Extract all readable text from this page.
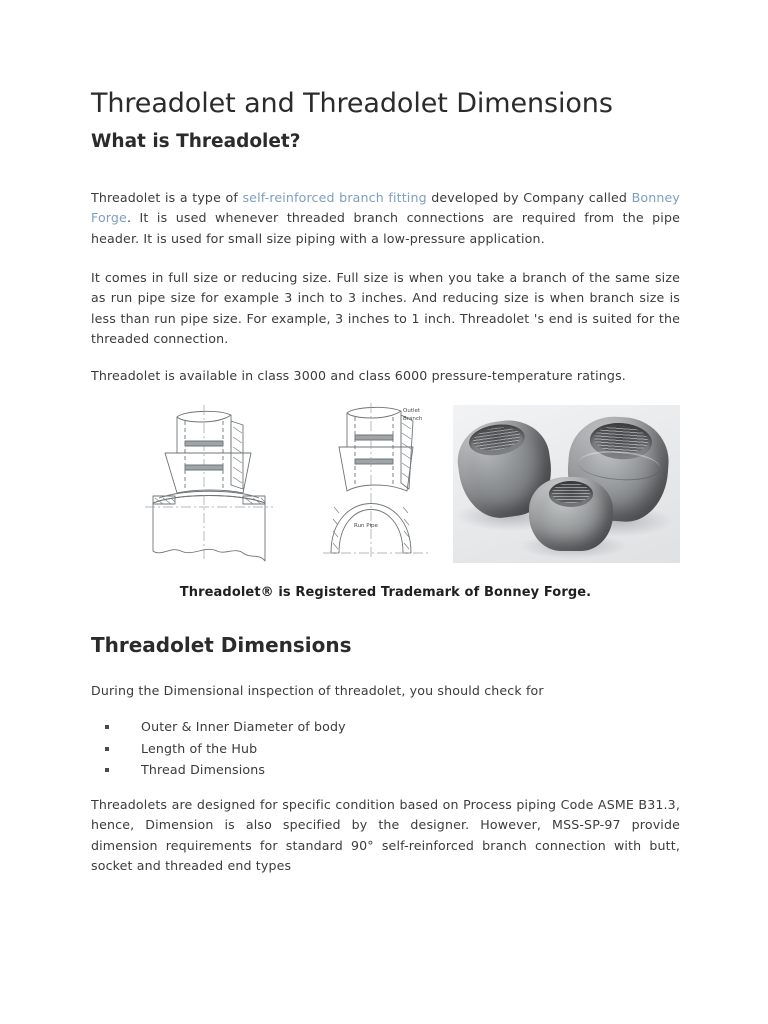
Threadolet and Threadolet Dimensions
What is Threadolet?

Threadolet is a type of self-reinforced branch fitting developed by Company called Bonney Forge. It is used whenever threaded branch connections are required from the pipe header. It is used for small size piping with a low-pressure application.

It comes in full size or reducing size. Full size is when you take a branch of the same size as run pipe size for example 3 inch to 3 inches. And reducing size is when branch size is less than run pipe size. For example, 3 inches to 1 inch. Threadolet 's end is suited for the threaded connection.

Threadolet is available in class 3000 and class 6000 pressure-temperature ratings.

Outlet
Branch
Run Pipe
Threadolet® is Registered Trademark of Bonney Forge.
Threadolet Dimensions

During the Dimensional inspection of threadolet, you should check for

Outer & Inner Diameter of body
Length of the Hub
Thread Dimensions

Threadolets are designed for specific condition based on Process piping Code ASME B31.3, hence, Dimension is also specified by the designer. However, MSS-SP-97 provide dimension requirements for standard 90° self-reinforced branch connection with butt, socket and threaded end types
